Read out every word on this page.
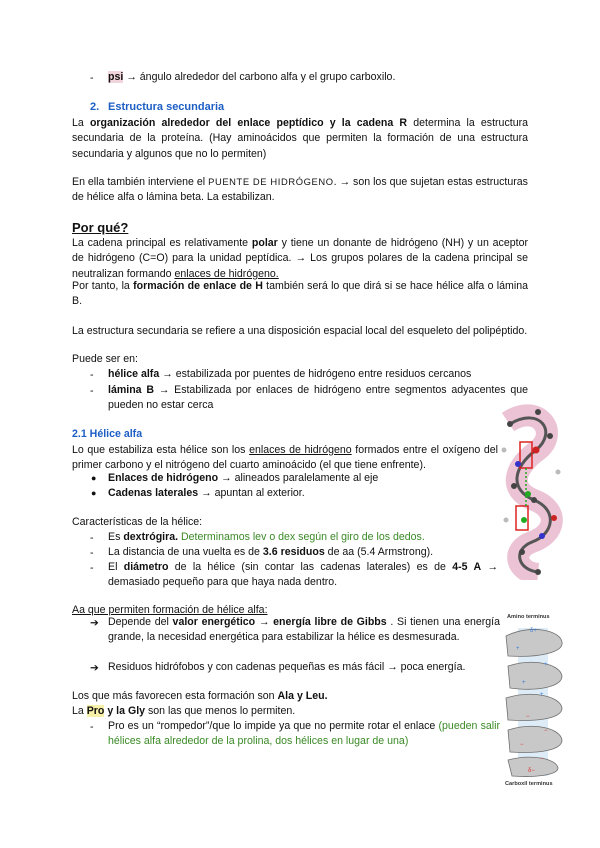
- psi → ángulo alrededor del carbono alfa y el grupo carboxilo.
2. Estructura secundaria

La organización alrededor del enlace peptídico y la cadena R determina la estructura secundaria de la proteína. (Hay aminoácidos que permiten la formación de una estructura secundaria y algunos que no lo permiten)

En ella también interviene el PUENTE DE HIDRÓGENO. → son los que sujetan estas estructuras de hélice alfa o lámina beta. La estabilizan.

Por qué?

La cadena principal es relativamente polar y tiene un donante de hidrógeno (NH) y un aceptor de hidrógeno (C=O) para la unidad peptídica. → Los grupos polares de la cadena principal se neutralizan formando enlaces de hidrógeno.

Por tanto, la formación de enlace de H también será lo que dirá si se hace hélice alfa o lámina B.

La estructura secundaria se refiere a una disposición espacial local del esqueleto del polipéptido.

Puede ser en:
- hélice alfa → estabilizada por puentes de hidrógeno entre residuos cercanos
- lámina B → Estabilizada por enlaces de hidrógeno entre segmentos adyacentes que pueden no estar cerca
2.1 Hélice alfa

Lo que estabiliza esta hélice son los enlaces de hidrógeno formados entre el oxígeno del primer carbono y el nitrógeno del cuarto aminoácido (el que tiene enfrente).

● Enlaces de hidrógeno → alineados paralelamente al eje
● Cadenas laterales → apuntan al exterior.
Características de la hélice:
- Es dextrógira. Determinamos lev o dex según el giro de los dedos.
- La distancia de una vuelta es de 3.6 residuos de aa (5.4 Armstrong).
- El diámetro de la hélice (sin contar las cadenas laterales) es de 4-5 A → demasiado pequeño para que haya nada dentro.
Aa que permiten formación de hélice alfa:
➔ Depende del valor energético → energía libre de Gibbs . Si tienen una energía grande, la necesidad energética para estabilizar la hélice es desmesurada.
➔ Residuos hidrófobos y con cadenas pequeñas es más fácil → poca energía.
Los que más favorecen esta formación son Ala y Leu.
La Pro y la Gly son las que menos lo permiten.
- Pro es un “rompedor”/que lo impide ya que no permite rotar el enlace (pueden salir hélices alfa alrededor de la prolina, dos hélices en lugar de una)
Amino terminus
δ+
+
+
+
+
−
−
−
−
δ−
Carboxil terminus
